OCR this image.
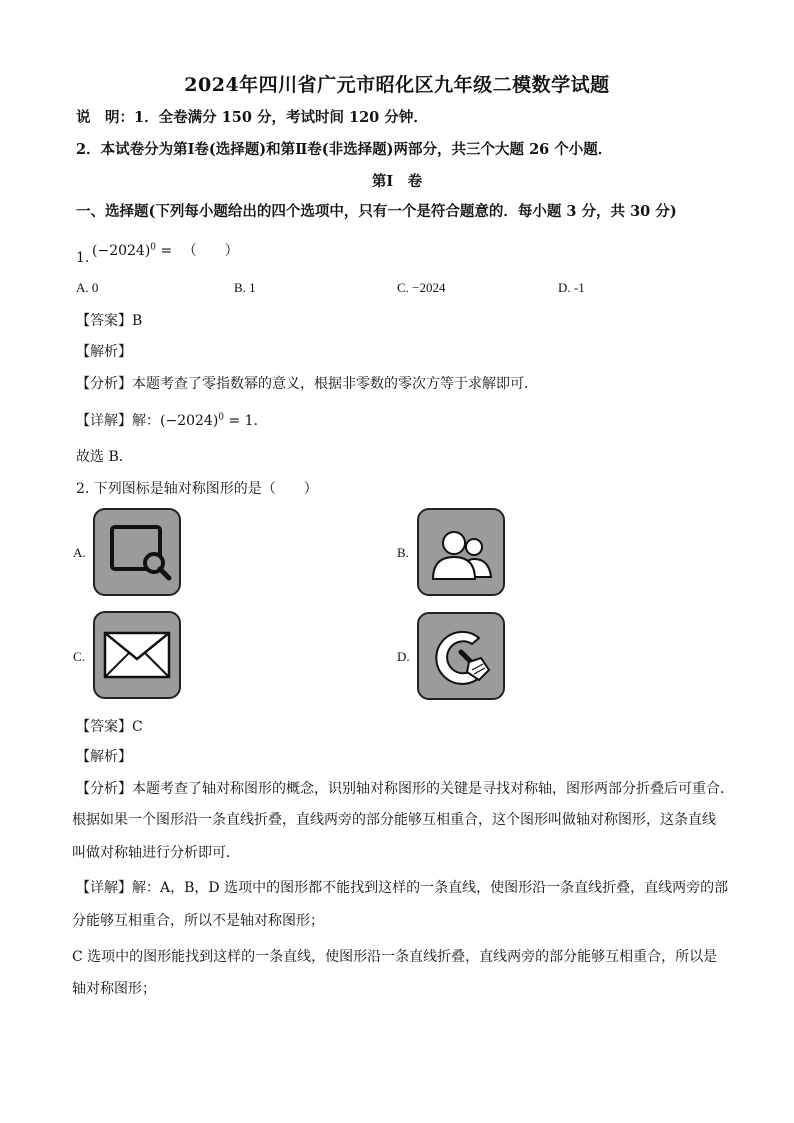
2024年四川省广元市昭化区九年级二模数学试题
说　明：1．全卷满分 150 分，考试时间 120 分钟．
2．本试卷分为第Ⅰ卷(选择题)和第Ⅱ卷(非选择题)两部分，共三个大题 26 个小题．
第Ⅰ　卷
一、选择题(下列每小题给出的四个选项中，只有一个是符合题意的．每小题 3 分，共 30 分)
1. $(-2024)^0$ = （　　）
A. 0	B. 1	C. −2024	D. -1
【答案】B
【解析】
【分析】本题考查了零指数幂的意义，根据非零数的零次方等于求解即可．
【详解】解：$(-2024)^0 = 1$．
故选 B．
2. 下列图标是轴对称图形的是（　　）
A.	B.
C.	D.
【答案】C
【解析】
【分析】本题考查了轴对称图形的概念，识别轴对称图形的关键是寻找对称轴，图形两部分折叠后可重合．
根据如果一个图形沿一条直线折叠，直线两旁的部分能够互相重合，这个图形叫做轴对称图形，这条直线
叫做对称轴进行分析即可．
【详解】解：A，B，D 选项中的图形都不能找到这样的一条直线，使图形沿一条直线折叠，直线两旁的部
分能够互相重合，所以不是轴对称图形；
C 选项中的图形能找到这样的一条直线，使图形沿一条直线折叠，直线两旁的部分能够互相重合，所以是
轴对称图形；
